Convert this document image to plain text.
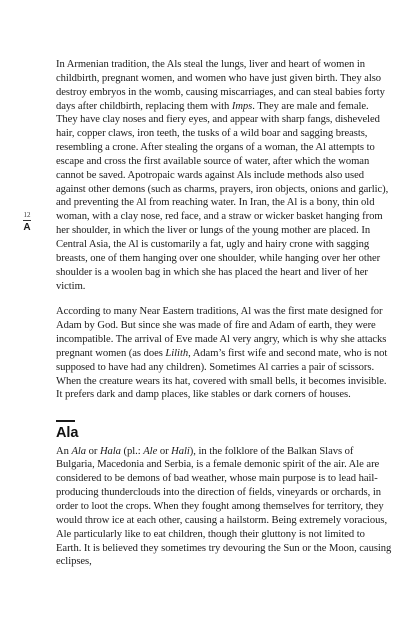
12
A

In Armenian tradition, the Als steal the lungs, liver and heart of women in childbirth, pregnant women, and women who have just given birth. They also destroy embryos in the womb, causing miscarriages, and can steal babies forty days after childbirth, replacing them with Imps. They are male and female. They have clay noses and fiery eyes, and appear with sharp fangs, disheveled hair, copper claws, iron teeth, the tusks of a wild boar and sagging breasts, resembling a crone. After stealing the organs of a woman, the Al attempts to escape and cross the first available source of water, after which the woman cannot be saved. Apotropaic wards against Als include methods also used against other demons (such as charms, prayers, iron objects, onions and garlic), and preventing the Al from reaching water. In Iran, the Al is a bony, thin old woman, with a clay nose, red face, and a straw or wicker basket hanging from her shoulder, in which the liver or lungs of the young mother are placed. In Central Asia, the Al is customarily a fat, ugly and hairy crone with sagging breasts, one of them hanging over one shoulder, while hanging over her other shoulder is a woolen bag in which she has placed the heart and liver of her victim.

According to many Near Eastern traditions, Al was the first mate designed for Adam by God. But since she was made of fire and Adam of earth, they were incompatible. The arrival of Eve made Al very angry, which is why she attacks pregnant women (as does Lilith, Adam’s first wife and second mate, who is not supposed to have had any children). Sometimes Al carries a pair of scissors. When the creature wears its hat, covered with small bells, it becomes invisible. It prefers dark and damp places, like stables or dark corners of houses.

Ala

An Ala or Hala (pl.: Ale or Hali), in the folklore of the Balkan Slavs of Bulgaria, Macedonia and Serbia, is a female demonic spirit of the air. Ale are considered to be demons of bad weather, whose main purpose is to lead hail-producing thunderclouds into the direction of fields, vineyards or orchards, in order to loot the crops. When they fought among themselves for territory, they would throw ice at each other, causing a hailstorm. Being extremely voracious, Ale particularly like to eat children, though their gluttony is not limited to Earth. It is believed they sometimes try devouring the Sun or the Moon, causing eclipses,
